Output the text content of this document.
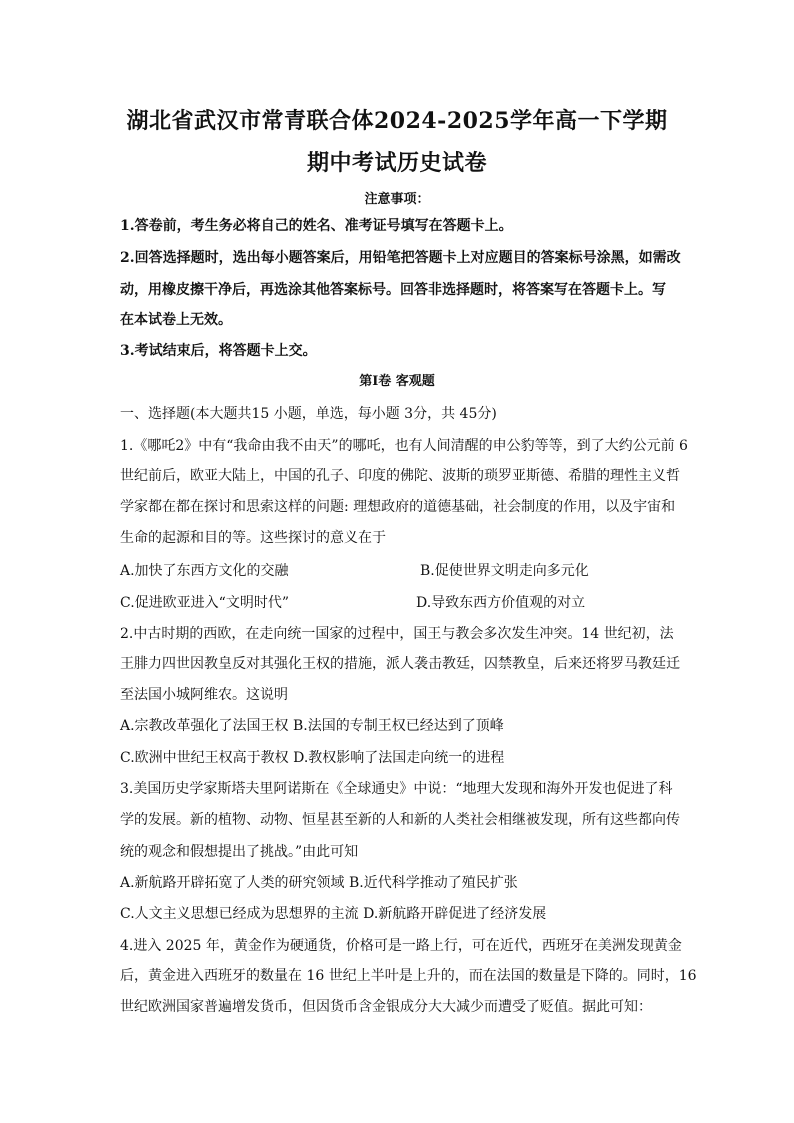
湖北省武汉市常青联合体2024-2025学年高一下学期
期中考试历史试卷
注意事项：
1.答卷前，考生务必将自己的姓名、准考证号填写在答题卡上。
2.回答选择题时，选出每小题答案后，用铅笔把答题卡上对应题目的答案标号涂黑，如需改
动，用橡皮擦干净后，再选涂其他答案标号。回答非选择题时，将答案写在答题卡上。写
在本试卷上无效。
3.考试结束后，将答题卡上交。
第Ⅰ卷 客观题
一、选择题(本大题共15 小题，单选，每小题 3分，共 45分)
1.《哪吒2》中有“我命由我不由天”的哪吒，也有人间清醒的申公豹等等，到了大约公元前 6
世纪前后，欧亚大陆上，中国的孔子、印度的佛陀、波斯的琐罗亚斯德、希腊的理性主义哲
学家都在都在探讨和思索这样的问题: 理想政府的道德基础，社会制度的作用，以及宇宙和
生命的起源和目的等。这些探讨的意义在于
A.加快了东西方文化的交融	B.促使世界文明走向多元化
C.促进欧亚进入“文明时代”	D.导致东西方价值观的对立
2.中古时期的西欧，在走向统一国家的过程中，国王与教会多次发生冲突。14 世纪初，法
王腓力四世因教皇反对其强化王权的措施，派人袭击教廷，囚禁教皇，后来还将罗马教廷迁
至法国小城阿维农。这说明
A.宗教改革强化了法国王权 B.法国的专制王权已经达到了顶峰
C.欧洲中世纪王权高于教权 D.教权影响了法国走向统一的进程
3.美国历史学家斯塔夫里阿诺斯在《全球通史》中说：“地理大发现和海外开发也促进了科
学的发展。新的植物、动物、恒星甚至新的人和新的人类社会相继被发现，所有这些都向传
统的观念和假想提出了挑战。”由此可知
A.新航路开辟拓宽了人类的研究领域 B.近代科学推动了殖民扩张
C.人文主义思想已经成为思想界的主流 D.新航路开辟促进了经济发展
4.进入 2025 年，黄金作为硬通货，价格可是一路上行，可在近代，西班牙在美洲发现黄金
后，黄金进入西班牙的数量在 16 世纪上半叶是上升的，而在法国的数量是下降的。同时，16
世纪欧洲国家普遍增发货币，但因货币含金银成分大大减少而遭受了贬值。据此可知：
